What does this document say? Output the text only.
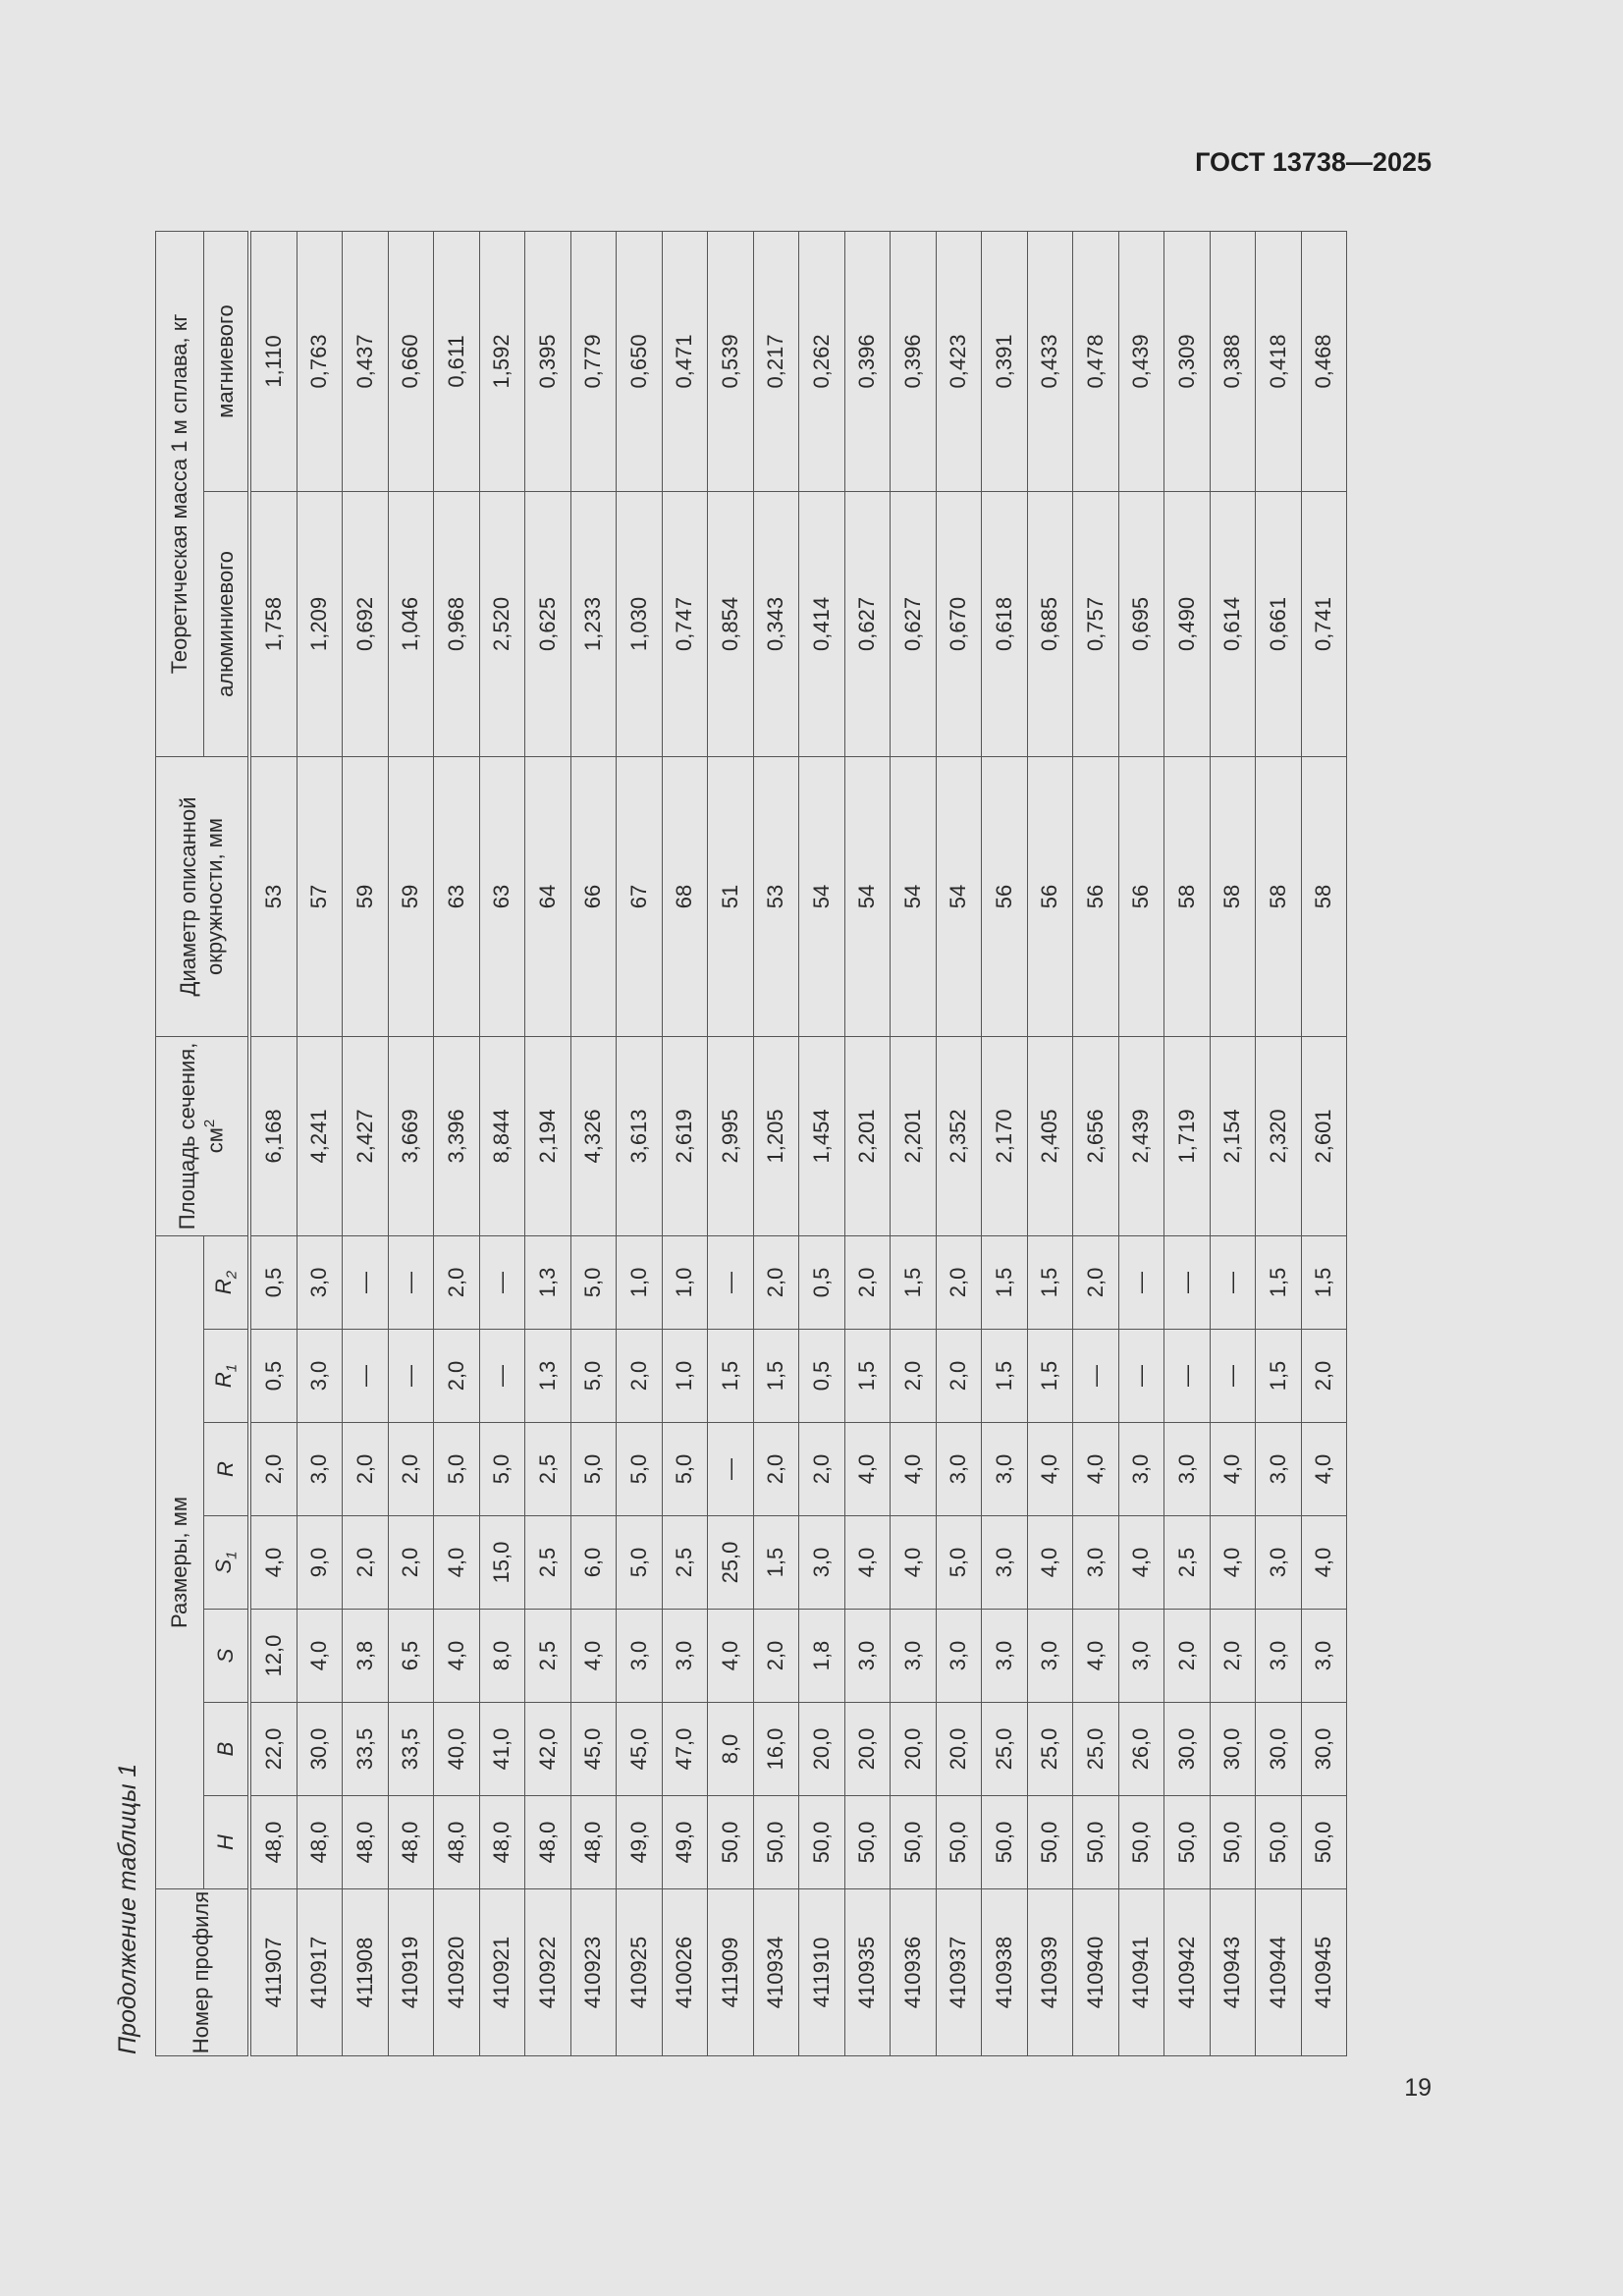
ГОСТ 13738—2025
Продолжение таблицы 1 Номер профиля	Размеры, мм							Площадь сечения, $см^2$	Диаметр описанной окружности, мм	Теоретическая масса 1 м сплава, кг	
	H	B	S	$S_1$	R	$R_1$	$R_2$			алюминиевого	магниевого
411907	48,0	22,0	12,0	4,0	2,0	0,5	0,5	6,168	53	1,758	1,110
410917	48,0	30,0	4,0	9,0	3,0	3,0	3,0	4,241	57	1,209	0,763
411908	48,0	33,5	3,8	2,0	2,0	—	—	2,427	59	0,692	0,437
410919	48,0	33,5	6,5	2,0	2,0	—	—	3,669	59	1,046	0,660
410920	48,0	40,0	4,0	4,0	5,0	2,0	2,0	3,396	63	0,968	0,611
410921	48,0	41,0	8,0	15,0	5,0	—	—	8,844	63	2,520	1,592
410922	48,0	42,0	2,5	2,5	2,5	1,3	1,3	2,194	64	0,625	0,395
410923	48,0	45,0	4,0	6,0	5,0	5,0	5,0	4,326	66	1,233	0,779
410925	49,0	45,0	3,0	5,0	5,0	2,0	1,0	3,613	67	1,030	0,650
410026	49,0	47,0	3,0	2,5	5,0	1,0	1,0	2,619	68	0,747	0,471
411909	50,0	8,0	4,0	25,0	—	1,5	—	2,995	51	0,854	0,539
410934	50,0	16,0	2,0	1,5	2,0	1,5	2,0	1,205	53	0,343	0,217
411910	50,0	20,0	1,8	3,0	2,0	0,5	0,5	1,454	54	0,414	0,262
410935	50,0	20,0	3,0	4,0	4,0	1,5	2,0	2,201	54	0,627	0,396
410936	50,0	20,0	3,0	4,0	4,0	2,0	1,5	2,201	54	0,627	0,396
410937	50,0	20,0	3,0	5,0	3,0	2,0	2,0	2,352	54	0,670	0,423
410938	50,0	25,0	3,0	3,0	3,0	1,5	1,5	2,170	56	0,618	0,391
410939	50,0	25,0	3,0	4,0	4,0	1,5	1,5	2,405	56	0,685	0,433
410940	50,0	25,0	4,0	3,0	4,0	—	2,0	2,656	56	0,757	0,478
410941	50,0	26,0	3,0	4,0	3,0	—	—	2,439	56	0,695	0,439
410942	50,0	30,0	2,0	2,5	3,0	—	—	1,719	58	0,490	0,309
410943	50,0	30,0	2,0	4,0	4,0	—	—	2,154	58	0,614	0,388
410944	50,0	30,0	3,0	3,0	3,0	1,5	1,5	2,320	58	0,661	0,418
410945	50,0	30,0	3,0	4,0	4,0	2,0	1,5	2,601	58	0,741	0,468
19
